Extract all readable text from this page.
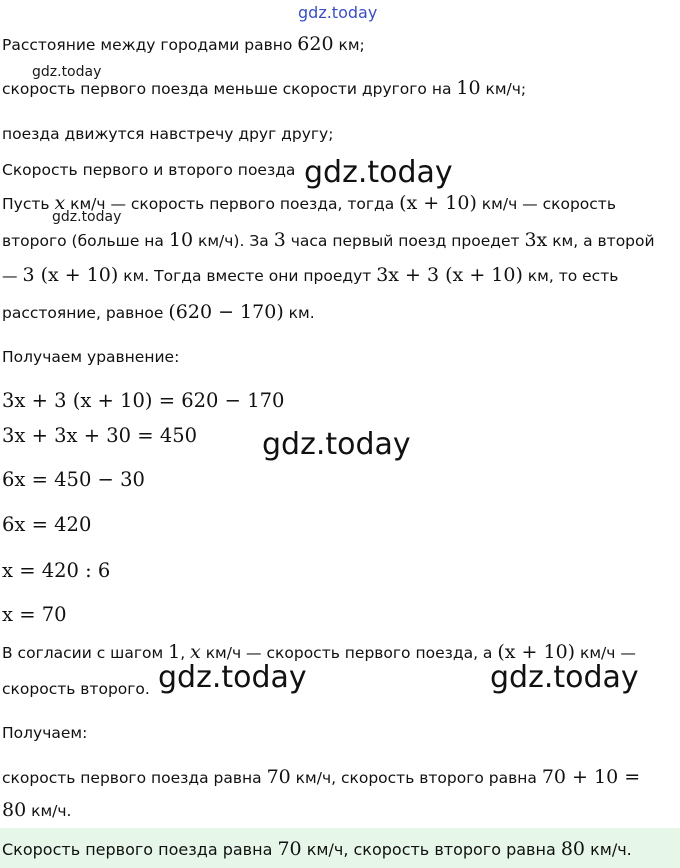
gdz.today
gdz.today
gdz.today
gdz.today
gdz.today
gdz.today	gdz.today

Расстояние между городами равно 620 км;

скорость первого поезда меньше скорости другого на 10 км/ч;

поезда движутся навстречу друг другу;

Скорость первого и второго поезда

Пусть x км/ч — скорость первого поезда, тогда (x + 10) км/ч — скорость

второго (больше на 10 км/ч). За 3 часа первый поезд проедет 3x км, а второй

— 3 (x + 10) км. Тогда вместе они проедут 3x + 3 (x + 10) км, то есть

расстояние, равное (620 − 170) км.

Получаем уравнение:

3x + 3 (x + 10) = 620 − 170

3x + 3x + 30 = 450

6x = 450 − 30

6x = 420

x = 420 : 6

x = 70

В согласии с шагом 1, x км/ч — скорость первого поезда, а (x + 10) км/ч —

скорость второго.

Получаем:

скорость первого поезда равна 70 км/ч, скорость второго равна 70 + 10 =

80 км/ч.

Скорость первого поезда равна 70 км/ч, скорость второго равна 80 км/ч.
